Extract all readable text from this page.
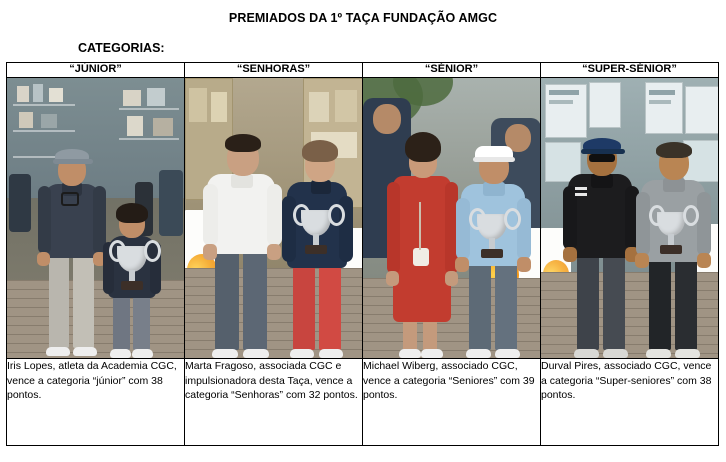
PREMIADOS DA 1º TAÇA FUNDAÇÃO AMGC
CATEGORIAS:
“JÚNIOR”	“SENHORAS”	“SÉNIOR”	“SUPER-SÉNIOR”

Iris Lopes, atleta da Academia CGC, vence a categoria “júnior” com 38 pontos.	Marta Fragoso, associada CGC e impulsionadora desta Taça, vence a categoria “Senhoras” com 32 pontos.	Michael Wiberg, associado CGC, vence a categoria “Seniores” com 39 pontos.	Durval Pires, associado CGC, vence a categoria “Super-seniores” com 38 pontos.
